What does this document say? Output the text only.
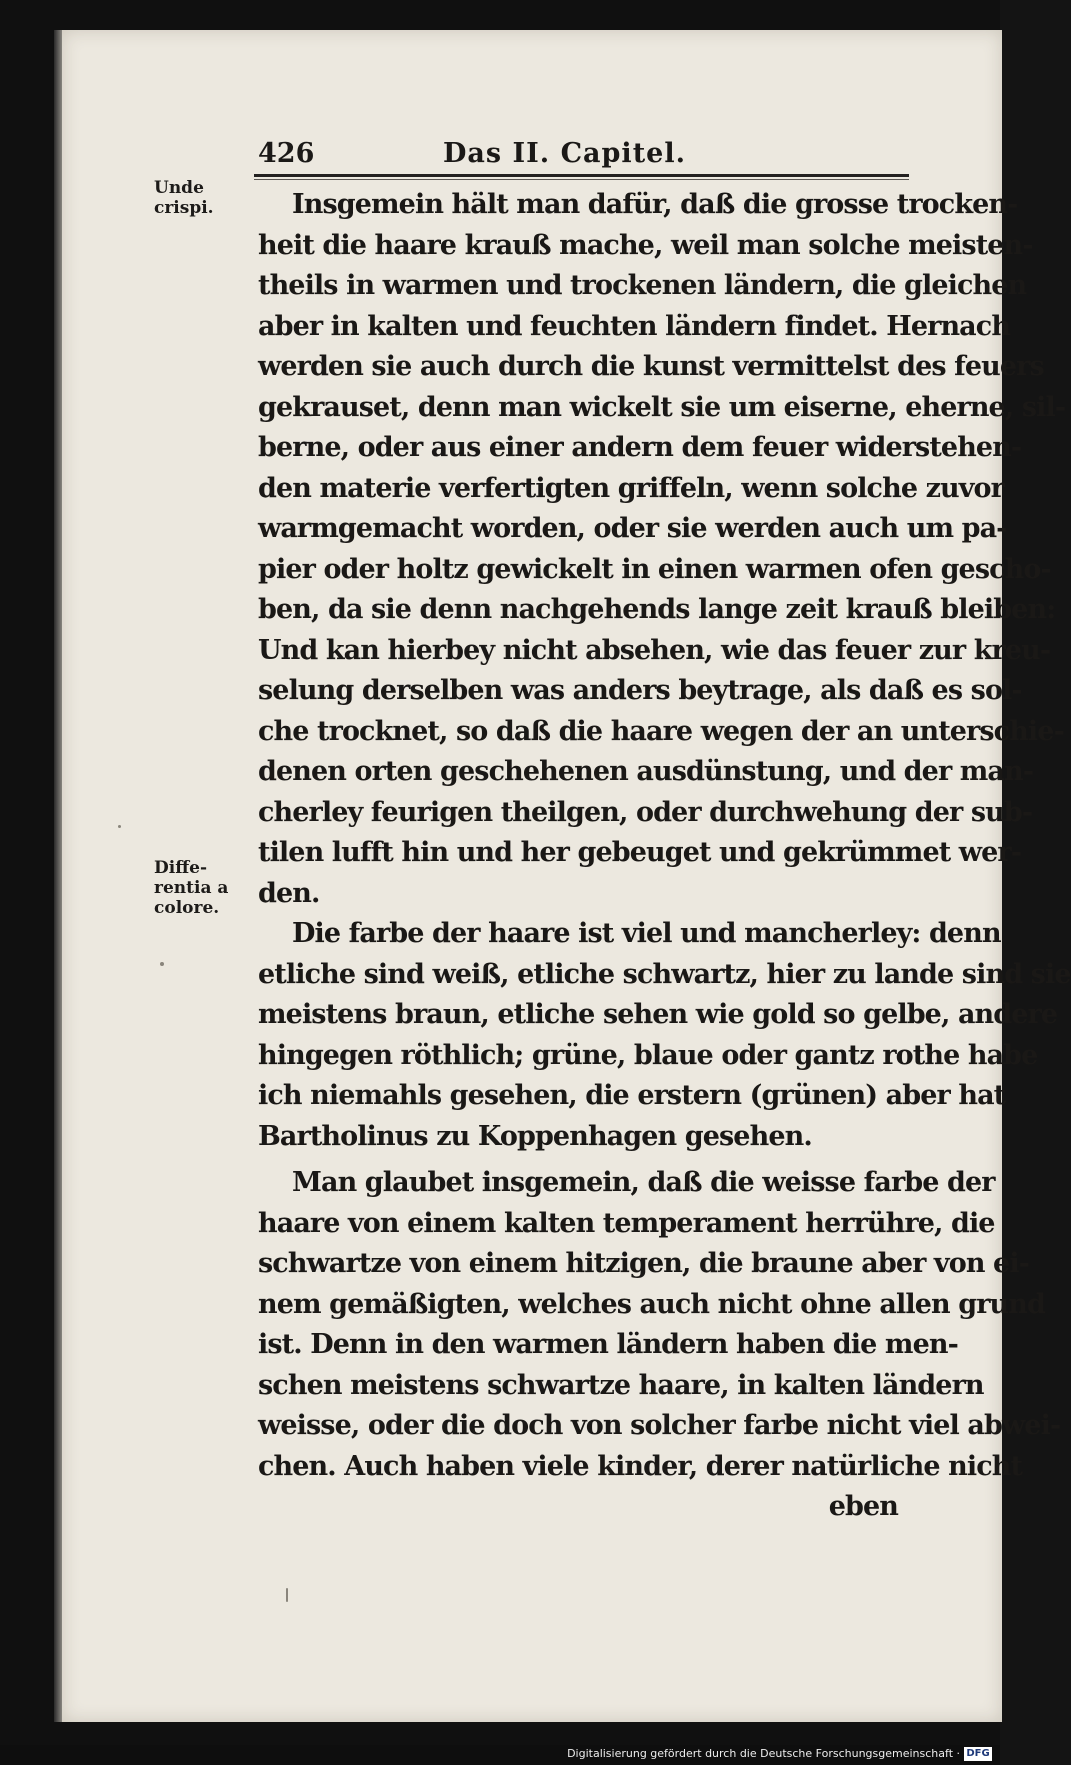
426	Das II. Capitel.
Unde
crispi.
Diffe-
rentia a
colore.
Insgemein hält man dafür, daß die grosse trocken-
heit die haare krauß mache, weil man solche meisten-
theils in warmen und trockenen ländern, die gleichen
aber in kalten und feuchten ländern findet. Hernach
werden sie auch durch die kunst vermittelst des feuers
gekrauset, denn man wickelt sie um eiserne, eherne, sil-
berne, oder aus einer andern dem feuer widerstehen-
den materie verfertigten griffeln, wenn solche zuvor
warmgemacht worden, oder sie werden auch um pa-
pier oder holtz gewickelt in einen warmen ofen gescho-
ben, da sie denn nachgehends lange zeit krauß bleiben:
Und kan hierbey nicht absehen, wie das feuer zur kreu-
selung derselben was anders beytrage, als daß es sol-
che trocknet, so daß die haare wegen der an unterschie-
denen orten geschehenen ausdünstung, und der man-
cherley feurigen theilgen, oder durchwehung der sub-
tilen lufft hin und her gebeuget und gekrümmet wer-
den.
Die farbe der haare ist viel und mancherley: denn
etliche sind weiß, etliche schwartz, hier zu lande sind sie
meistens braun, etliche sehen wie gold so gelbe, andere
hingegen röthlich; grüne, blaue oder gantz rothe habe
ich niemahls gesehen, die erstern (grünen) aber hat
Bartholinus zu Koppenhagen gesehen.
Man glaubet insgemein, daß die weisse farbe der
haare von einem kalten temperament herrühre, die
schwartze von einem hitzigen, die braune aber von ei-
nem gemäßigten, welches auch nicht ohne allen grund
ist. Denn in den warmen ländern haben die men-
schen meistens schwartze haare, in kalten ländern
weisse, oder die doch von solcher farbe nicht viel abwei-
chen. Auch haben viele kinder, derer natürliche nicht
eben
Digitalisierung gefördert durch die Deutsche Forschungsgemeinschaft · DFG
